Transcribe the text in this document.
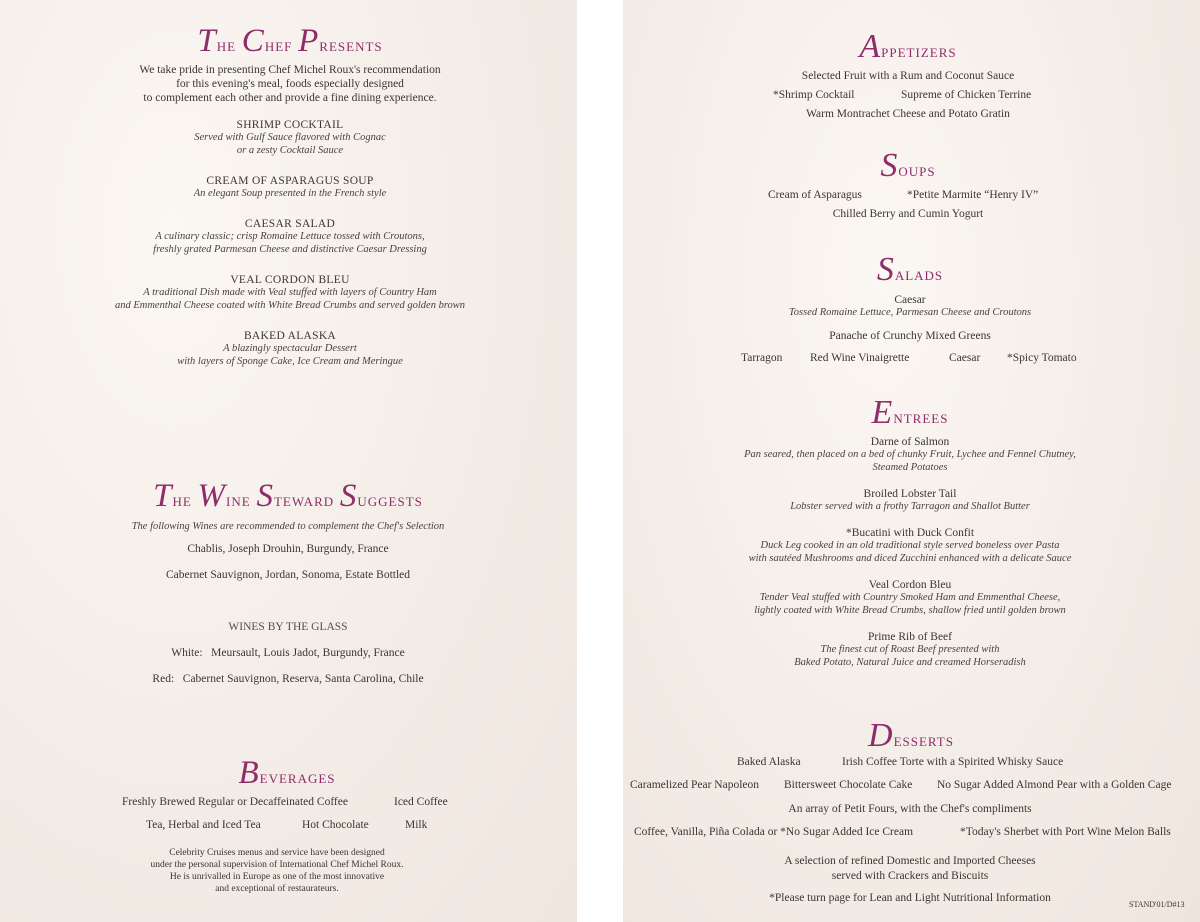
The Chef Presents
We take pride in presenting Chef Michel Roux's recommendation
for this evening's meal, foods especially designed
to complement each other and provide a fine dining experience.
SHRIMP COCKTAIL
Served with Gulf Sauce flavored with Cognac
or a zesty Cocktail Sauce
CREAM OF ASPARAGUS SOUP
An elegant Soup presented in the French style
CAESAR SALAD
A culinary classic; crisp Romaine Lettuce tossed with Croutons,
freshly grated Parmesan Cheese and distinctive Caesar Dressing
VEAL CORDON BLEU
A traditional Dish made with Veal stuffed with layers of Country Ham
and Emmenthal Cheese coated with White Bread Crumbs and served golden brown
BAKED ALASKA
A blazingly spectacular Dessert
with layers of Sponge Cake, Ice Cream and Meringue
The Wine Steward Suggests
The following Wines are recommended to complement the Chef's Selection
Chablis, Joseph Drouhin, Burgundy, France
Cabernet Sauvignon, Jordan, Sonoma, Estate Bottled
WINES BY THE GLASS
White: Meursault, Louis Jadot, Burgundy, France
Red: Cabernet Sauvignon, Reserva, Santa Carolina, Chile
Beverages
Freshly Brewed Regular or Decaffeinated Coffee	Iced Coffee
Tea, Herbal and Iced Tea	Hot Chocolate	Milk
Celebrity Cruises menus and service have been designed
under the personal supervision of International Chef Michel Roux.
He is unrivalled in Europe as one of the most innovative
and exceptional of restaurateurs.
Appetizers
Selected Fruit with a Rum and Coconut Sauce
*Shrimp Cocktail	Supreme of Chicken Terrine
Warm Montrachet Cheese and Potato Gratin
Soups
Cream of Asparagus	*Petite Marmite “Henry IV”
Chilled Berry and Cumin Yogurt
Salads
Caesar
Tossed Romaine Lettuce, Parmesan Cheese and Croutons
Panache of Crunchy Mixed Greens
Tarragon Red Wine Vinaigrette	Caesar *Spicy Tomato
Entrees
Darne of Salmon
Pan seared, then placed on a bed of chunky Fruit, Lychee and Fennel Chutney,
Steamed Potatoes
Broiled Lobster Tail
Lobster served with a frothy Tarragon and Shallot Butter
*Bucatini with Duck Confit
Duck Leg cooked in an old traditional style served boneless over Pasta
with sautéed Mushrooms and diced Zucchini enhanced with a delicate Sauce
Veal Cordon Bleu
Tender Veal stuffed with Country Smoked Ham and Emmenthal Cheese,
lightly coated with White Bread Crumbs, shallow fried until golden brown
Prime Rib of Beef
The finest cut of Roast Beef presented with
Baked Potato, Natural Juice and creamed Horseradish
Desserts
Baked Alaska	Irish Coffee Torte with a Spirited Whisky Sauce
Caramelized Pear Napoleon Bittersweet Chocolate Cake No Sugar Added Almond Pear with a Golden Cage
An array of Petit Fours, with the Chef's compliments
Coffee, Vanilla, Piña Colada or *No Sugar Added Ice Cream	*Today's Sherbet with Port Wine Melon Balls
A selection of refined Domestic and Imported Cheeses
served with Crackers and Biscuits
*Please turn page for Lean and Light Nutritional Information
STAND'01/D#13
